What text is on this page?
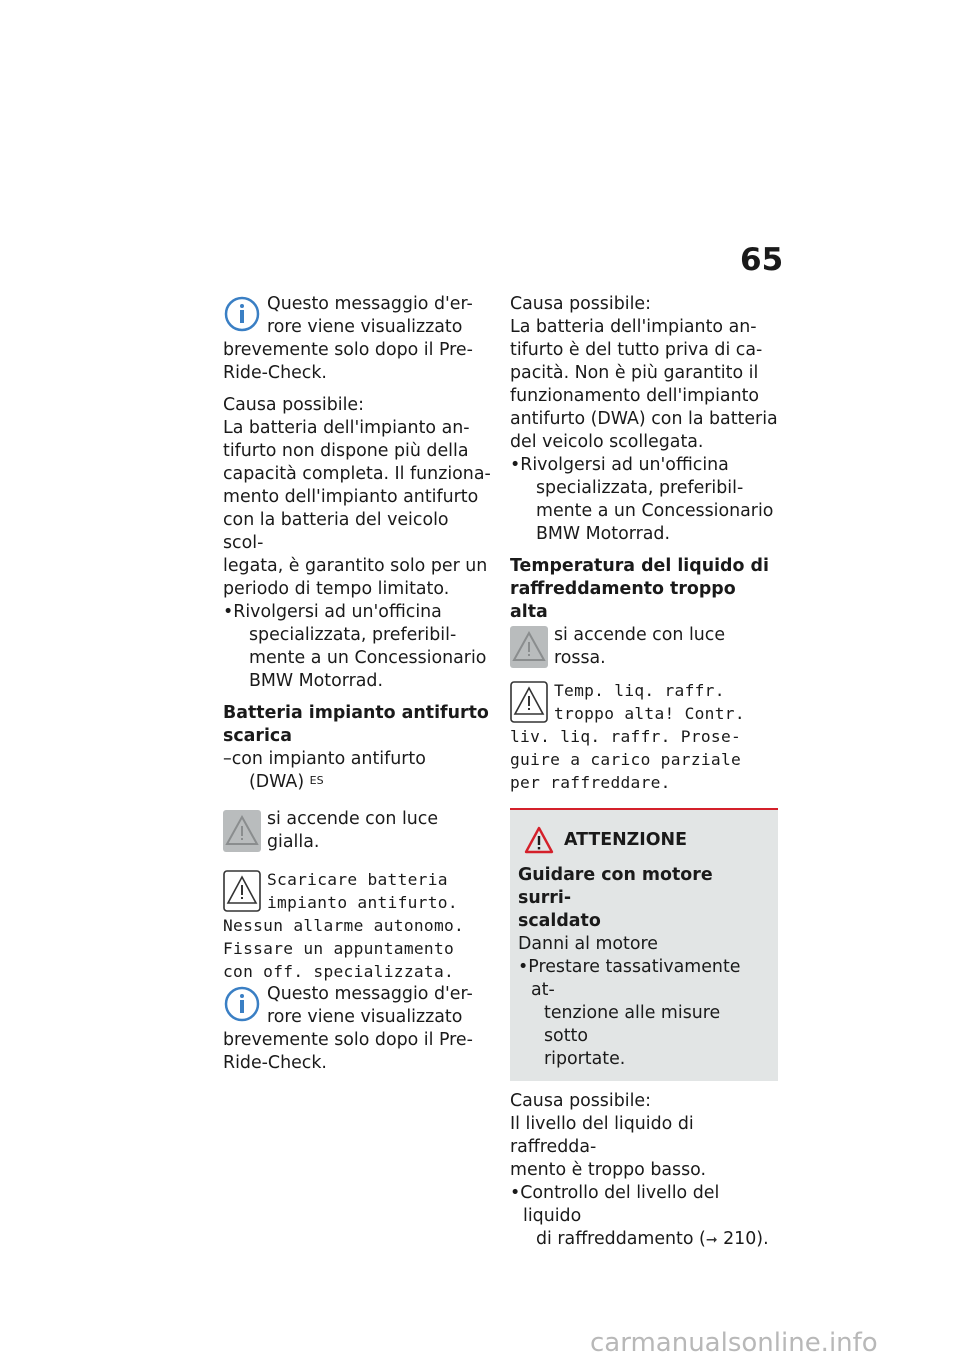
65

Questo messaggio d'er-

rore viene visualizzato

brevemente solo dopo il Pre-

Ride-Check.

Causa possibile:

La batteria dell'impianto an-

tifurto non dispone più della

capacità completa. Il funziona-

mento dell'impianto antifurto

con la batteria del veicolo scol-

legata, è garantito solo per un

periodo di tempo limitato.

•Rivolgersi ad un'officina

specializzata, preferibil-

mente a un Concessionario

BMW Motorrad.

Batteria impianto antifurto

scarica

–con impianto antifurto

(DWA) $^{ES}$

si accende con luce gialla.

Scaricare batteria

impianto antifurto.

Nessun allarme autonomo.

Fissare un appuntamento

con off. specializzata.

Questo messaggio d'er-

rore viene visualizzato

brevemente solo dopo il Pre-

Ride-Check.

Causa possibile:

La batteria dell'impianto an-

tifurto è del tutto priva di ca-

pacità. Non è più garantito il

funzionamento dell'impianto

antifurto (DWA) con la batteria

del veicolo scollegata.

•Rivolgersi ad un'officina

specializzata, preferibil-

mente a un Concessionario

BMW Motorrad.

Temperatura del liquido di

raffreddamento troppo alta

si accende con luce rossa.

Temp. liq. raffr.

troppo alta! Contr.

liv. liq. raffr. Prose-

guire a carico parziale

per raffreddare.

ATTENZIONE

Guidare con motore surri-

scaldato

Danni al motore

•Prestare tassativamente at-

tenzione alle misure sotto

riportate.

Causa possibile:

Il livello del liquido di raffredda-

mento è troppo basso.

•Controllo del livello del liquido

di raffreddamento (➞ 210).

carmanualsonline.info
